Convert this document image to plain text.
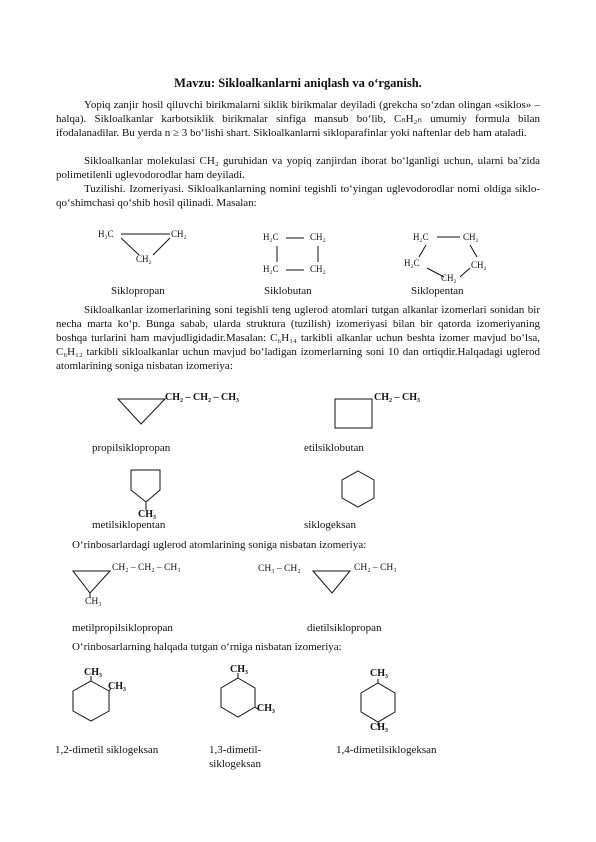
Mavzu: Sikloalkanlarni aniqlash va o‘rganish.

Yopiq zanjir hosil qiluvchi birikmalarni siklik birikmalar deyiladi (grekcha so‘zdan olingan «siklos» –halqa). Sikloalkanlar karbotsiklik birikmalar sinfiga mansub bo‘lib, CₙH₂ₙ umumiy formula bilan ifodalanadilar. Bu yerda n ≥ 3 bo‘lishi shart. Sikloalkanlarni sikloparafinlar yoki naftenlar deb ham ataladi.

Sikloalkanlar molekulasi CH₂ guruhidan va yopiq zanjirdan iborat bo‘lganligi uchun, ularni ba’zida polimetilenli uglevodorodlar ham deyiladi.

Tuzilishi. Izomeriyasi. Sikloalkanlarning nomini tegishli to‘yingan uglevodorodlar nomi oldiga siklo- qo‘shimchasi qo‘shib hosil qilinadi. Masalan:

H₂C	CH₂
CH₂
Siklopropan
H₂C	CH₂
H₂C	CH₂
Siklobutan
H₂C	CH₂
H₂C	CH₂
CH₂
Siklopentan

Sikloalkanlar izomerlarining soni tegishli teng uglerod atomlari tutgan alkanlar izomerlari sonidan bir necha marta ko‘p. Bunga sabab, ularda struktura (tuzilish) izomeriyasi bilan bir qatorda izomeriyaning boshqa turlarini ham mavjudligidadir.Masalan: C₆H₁₄ tarkibli alkanlar uchun beshta izomer mavjud bo‘lsa, C₆H₁₂ tarkibli sikloalkanlar uchun mavjud bo‘ladigan izomerlarning soni 10 dan ortiqdir.Halqadagi uglerod atomlarining soniga nisbatan izomeriya:

CH₂ – CH₂ – CH₃	CH₂ – CH₃
propilsiklopropan	etilsiklobutan
CH₃
metilsiklopentan	siklogeksan
O‘rinbosarlardagi uglerod atomlarining soniga nisbatan izomeriya:
CH₂ – CH₂ – CH₃
CH₃
CH₃ – CH₂	CH₂ – CH₃
metilpropilsiklopropan	dietilsiklopropan
O‘rinbosarlarning halqada tutgan o‘rniga nisbatan izomeriya:
CH₃
CH₃
CH₃
CH₃
CH₃
CH₃
1,2-dimetil siklogeksan	1,3-dimetil-
siklogeksan
1,4-dimetilsiklogeksan
